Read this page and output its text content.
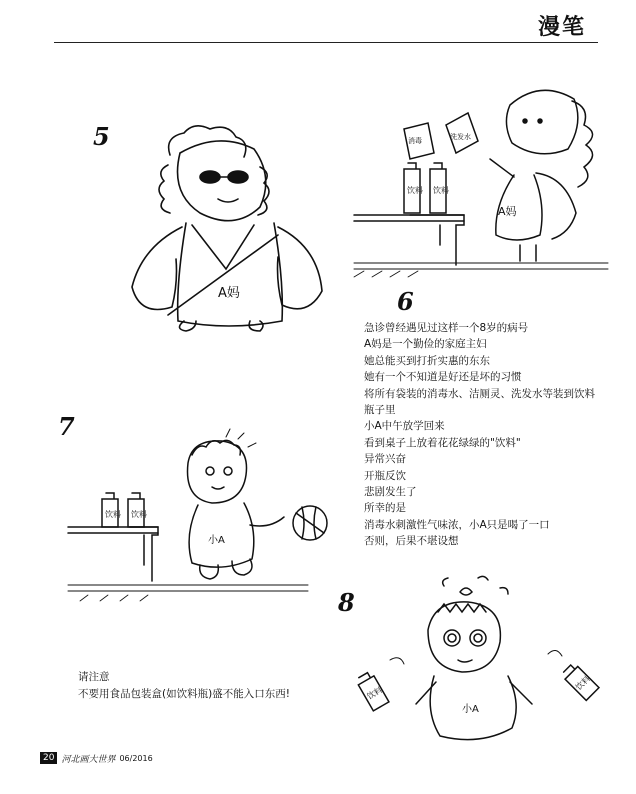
漫笔
5
A妈	6
饮料 饮料
消毒	洗发水
A妈
急诊曾经遇见过这样一个8岁的病号
A妈是一个勤俭的家庭主妇
她总能买到打折实惠的东东
她有一个不知道是好还是坏的习惯
将所有袋装的消毒水、洁厕灵、洗发水等装到饮料
瓶子里
小A中午放学回来
看到桌子上放着花花绿绿的"饮料"
异常兴奋
开瓶反饮
悲剧发生了
所幸的是
消毒水刺激性气味浓，小A只是喝了一口
否则，后果不堪设想
7
饮料 饮料
小A
8
小A
饮料
饮料
请注意
不要用食品包装盒(如饮料瓶)盛不能入口东西!
20 河北画大世界 06/2016
